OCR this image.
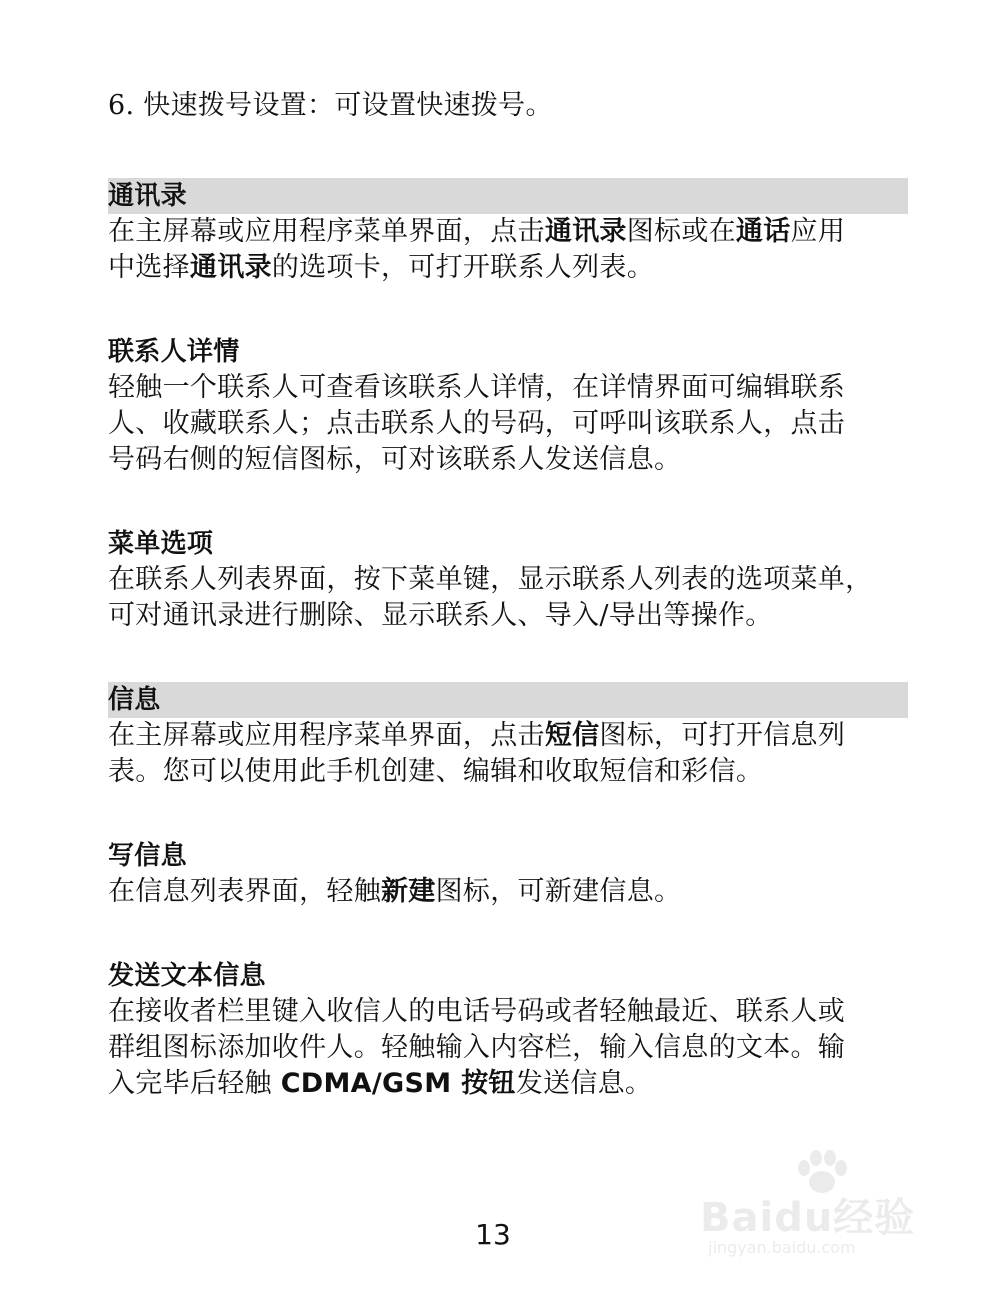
6. 快速拨号设置：可设置快速拨号。
通讯录
在主屏幕或应用程序菜单界面，点击通讯录图标或在通话应用
中选择通讯录的选项卡，可打开联系人列表。
联系人详情
轻触一个联系人可查看该联系人详情，在详情界面可编辑联系
人、收藏联系人；点击联系人的号码，可呼叫该联系人，点击
号码右侧的短信图标，可对该联系人发送信息。
菜单选项
在联系人列表界面，按下菜单键，显示联系人列表的选项菜单，
可对通讯录进行删除、显示联系人、导入/导出等操作。
信息
在主屏幕或应用程序菜单界面，点击短信图标，可打开信息列
表。您可以使用此手机创建、编辑和收取短信和彩信。
写信息
在信息列表界面，轻触新建图标，可新建信息。
发送文本信息
在接收者栏里键入收信人的电话号码或者轻触最近、联系人或
群组图标添加收件人。轻触输入内容栏，输入信息的文本。输
入完毕后轻触 CDMA/GSM 按钮发送信息。
13	Baidu经验
jingyan.baidu.com
